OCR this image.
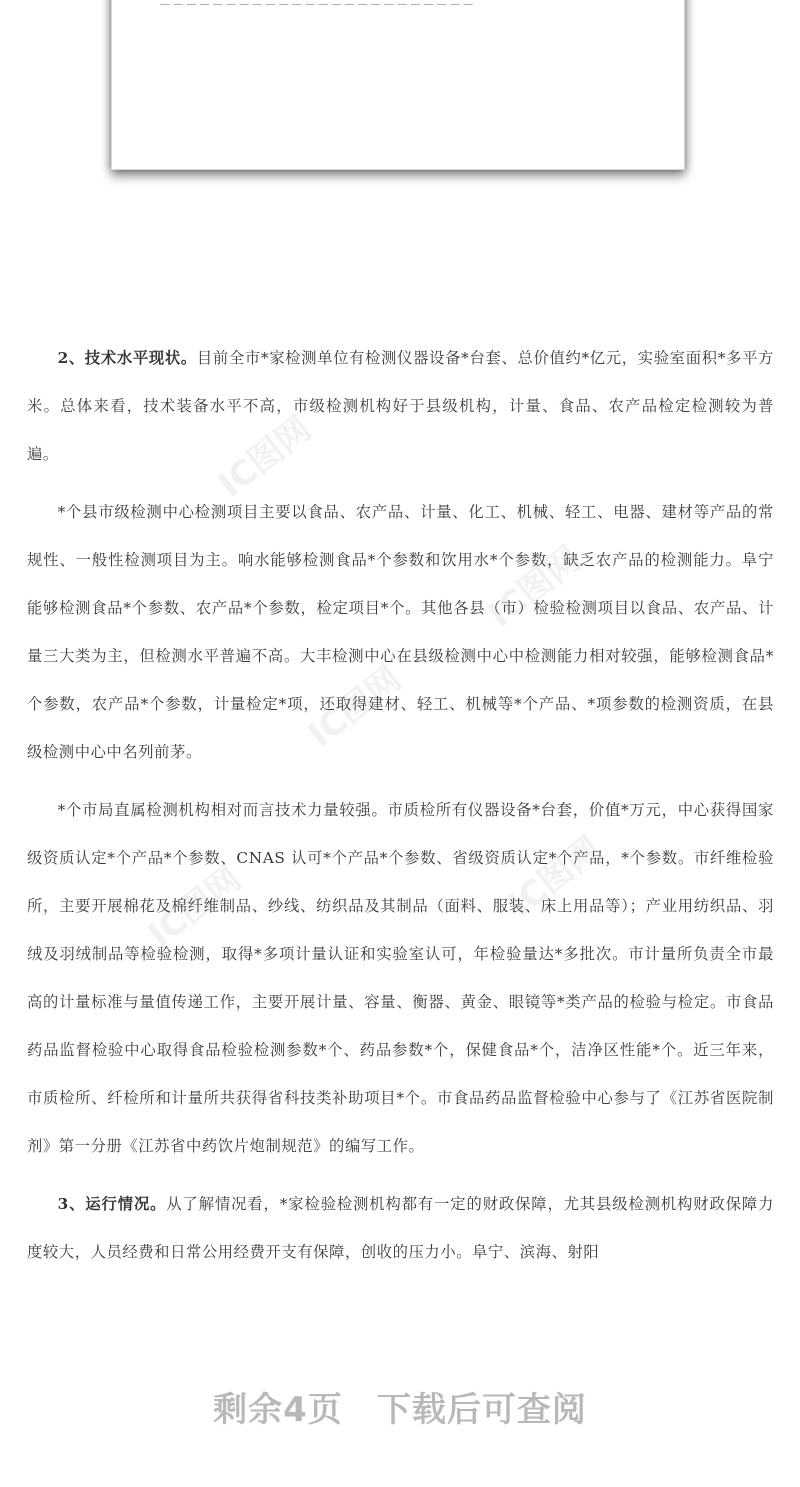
— — — — — — — — — — — — — — — — — — — — — — — —
IC图网
IC图网
IC图网
IC图网	IC图网

2、技术水平现状。目前全市*家检测单位有检测仪器设备*台套、总价值约*亿元，实验室面积*多平方米。总体来看，技术装备水平不高，市级检测机构好于县级机构，计量、食品、农产品检定检测较为普遍。

*个县市级检测中心检测项目主要以食品、农产品、计量、化工、机械、轻工、电器、建材等产品的常规性、一般性检测项目为主。响水能够检测食品*个参数和饮用水*个参数，缺乏农产品的检测能力。阜宁能够检测食品*个参数、农产品*个参数，检定项目*个。其他各县（市）检验检测项目以食品、农产品、计量三大类为主，但检测水平普遍不高。大丰检测中心在县级检测中心中检测能力相对较强，能够检测食品*个参数，农产品*个参数，计量检定*项，还取得建材、轻工、机械等*个产品、*项参数的检测资质，在县级检测中心中名列前茅。

*个市局直属检测机构相对而言技术力量较强。市质检所有仪器设备*台套，价值*万元，中心获得国家级资质认定*个产品*个参数、CNAS 认可*个产品*个参数、省级资质认定*个产品，*个参数。市纤维检验所，主要开展棉花及棉纤维制品、纱线、纺织品及其制品（面料、服装、床上用品等）；产业用纺织品、羽绒及羽绒制品等检验检测，取得*多项计量认证和实验室认可，年检验量达*多批次。市计量所负责全市最高的计量标准与量值传递工作，主要开展计量、容量、衡器、黄金、眼镜等*类产品的检验与检定。市食品药品监督检验中心取得食品检验检测参数*个、药品参数*个，保健食品*个，洁净区性能*个。近三年来，市质检所、纤检所和计量所共获得省科技类补助项目*个。市食品药品监督检验中心参与了《江苏省医院制剂》第一分册《江苏省中药饮片炮制规范》的编写工作。

3、运行情况。从了解情况看，*家检验检测机构都有一定的财政保障，尤其县级检测机构财政保障力度较大，人员经费和日常公用经费开支有保障，创收的压力小。阜宁、滨海、射阳

剩余4页 下载后可查阅
